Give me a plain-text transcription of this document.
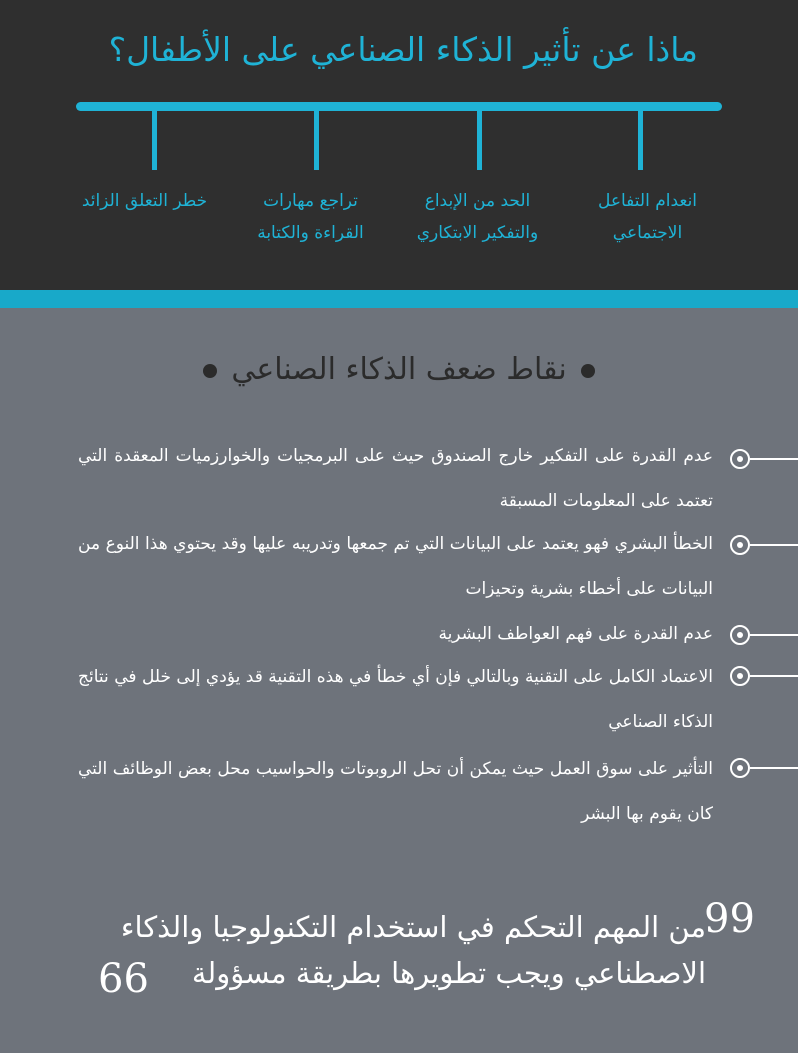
ماذا عن تأثير الذكاء الصناعي على الأطفال؟
انعدام التفاعل
الاجتماعي
الحد من الإبداع
والتفكير الابتكاري
تراجع مهارات
القراءة والكتابة
خطر التعلق الزائد
نقاط ضعف الذكاء الصناعي
عدم القدرة على التفكير خارج الصندوق حيث على البرمجيات والخوارزميات المعقدة التي تعتمد على المعلومات المسبقة
الخطأ البشري فهو يعتمد على البيانات التي تم جمعها وتدريبه عليها وقد يحتوي هذا النوع من البيانات على أخطاء بشرية وتحيزات
عدم القدرة على فهم العواطف البشرية
الاعتماد الكامل على التقنية وبالتالي فإن أي خطأ في هذه التقنية قد يؤدي إلى خلل في نتائج الذكاء الصناعي
التأثير على سوق العمل حيث يمكن أن تحل الروبوتات والحواسيب محل بعض الوظائف التي كان يقوم بها البشر
99
من المهم التحكم في استخدام التكنولوجيا والذكاء
الاصطناعي ويجب تطويرها بطريقة مسؤولة
66
